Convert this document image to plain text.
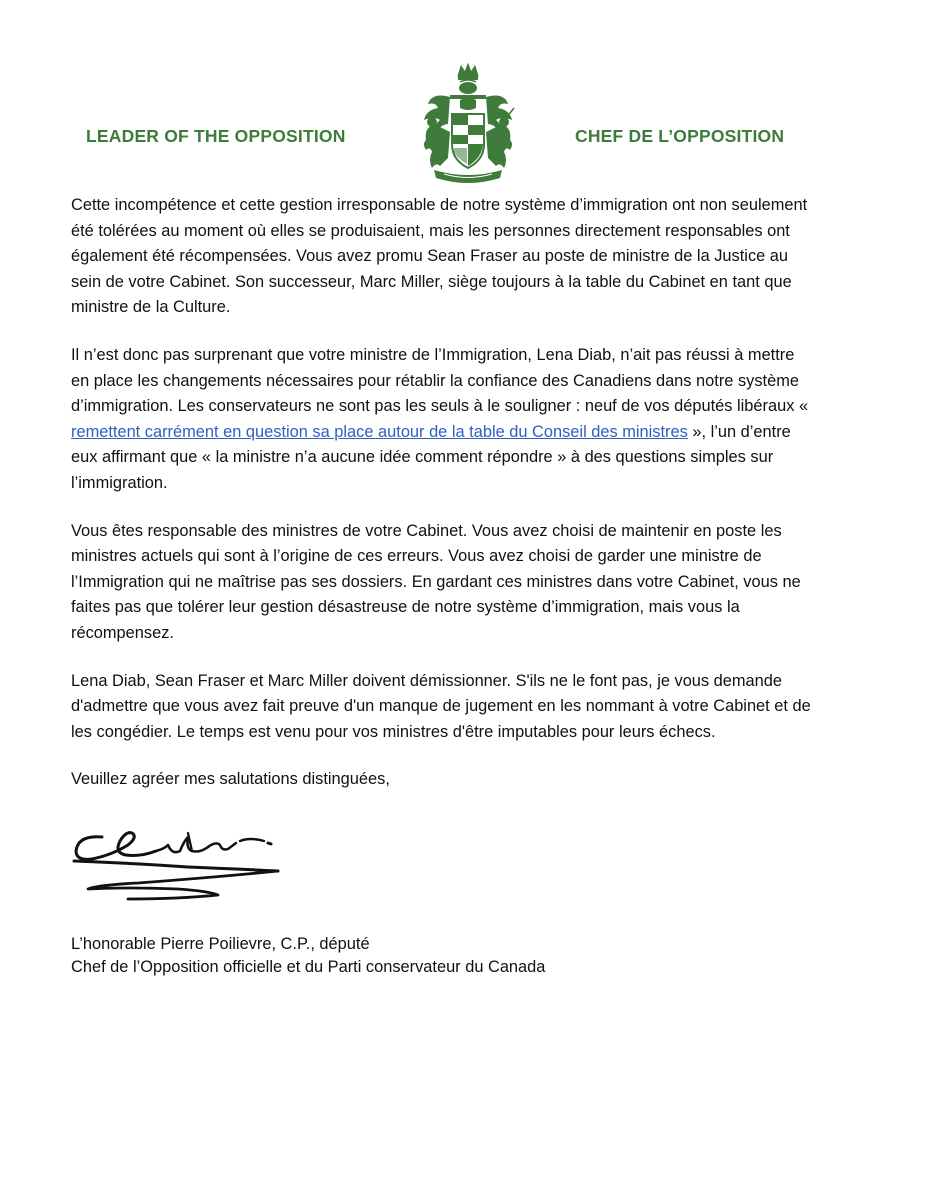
LEADER OF THE OPPOSITION	CHEF DE L’OPPOSITION

Cette incompétence et cette gestion irresponsable de notre système d’immigration ont non seulement été tolérées au moment où elles se produisaient, mais les personnes directement responsables ont également été récompensées. Vous avez promu Sean Fraser au poste de ministre de la Justice au sein de votre Cabinet. Son successeur, Marc Miller, siège toujours à la table du Cabinet en tant que ministre de la Culture.

Il n’est donc pas surprenant que votre ministre de l’Immigration, Lena Diab, n’ait pas réussi à mettre en place les changements nécessaires pour rétablir la confiance des Canadiens dans notre système d’immigration. Les conservateurs ne sont pas les seuls à le souligner : neuf de vos députés libéraux « remettent carrément en question sa place autour de la table du Conseil des ministres », l’un d’entre eux affirmant que « la ministre n’a aucune idée comment répondre » à des questions simples sur l’immigration.

Vous êtes responsable des ministres de votre Cabinet. Vous avez choisi de maintenir en poste les ministres actuels qui sont à l’origine de ces erreurs. Vous avez choisi de garder une ministre de l’Immigration qui ne maîtrise pas ses dossiers. En gardant ces ministres dans votre Cabinet, vous ne faites pas que tolérer leur gestion désastreuse de notre système d’immigration, mais vous la récompensez.

Lena Diab, Sean Fraser et Marc Miller doivent démissionner. S'ils ne le font pas, je vous demande d'admettre que vous avez fait preuve d'un manque de jugement en les nommant à votre Cabinet et de les congédier. Le temps est venu pour vos ministres d'être imputables pour leurs échecs.

Veuillez agréer mes salutations distinguées,

L’honorable Pierre Poilievre, C.P., député
Chef de l’Opposition officielle et du Parti conservateur du Canada
